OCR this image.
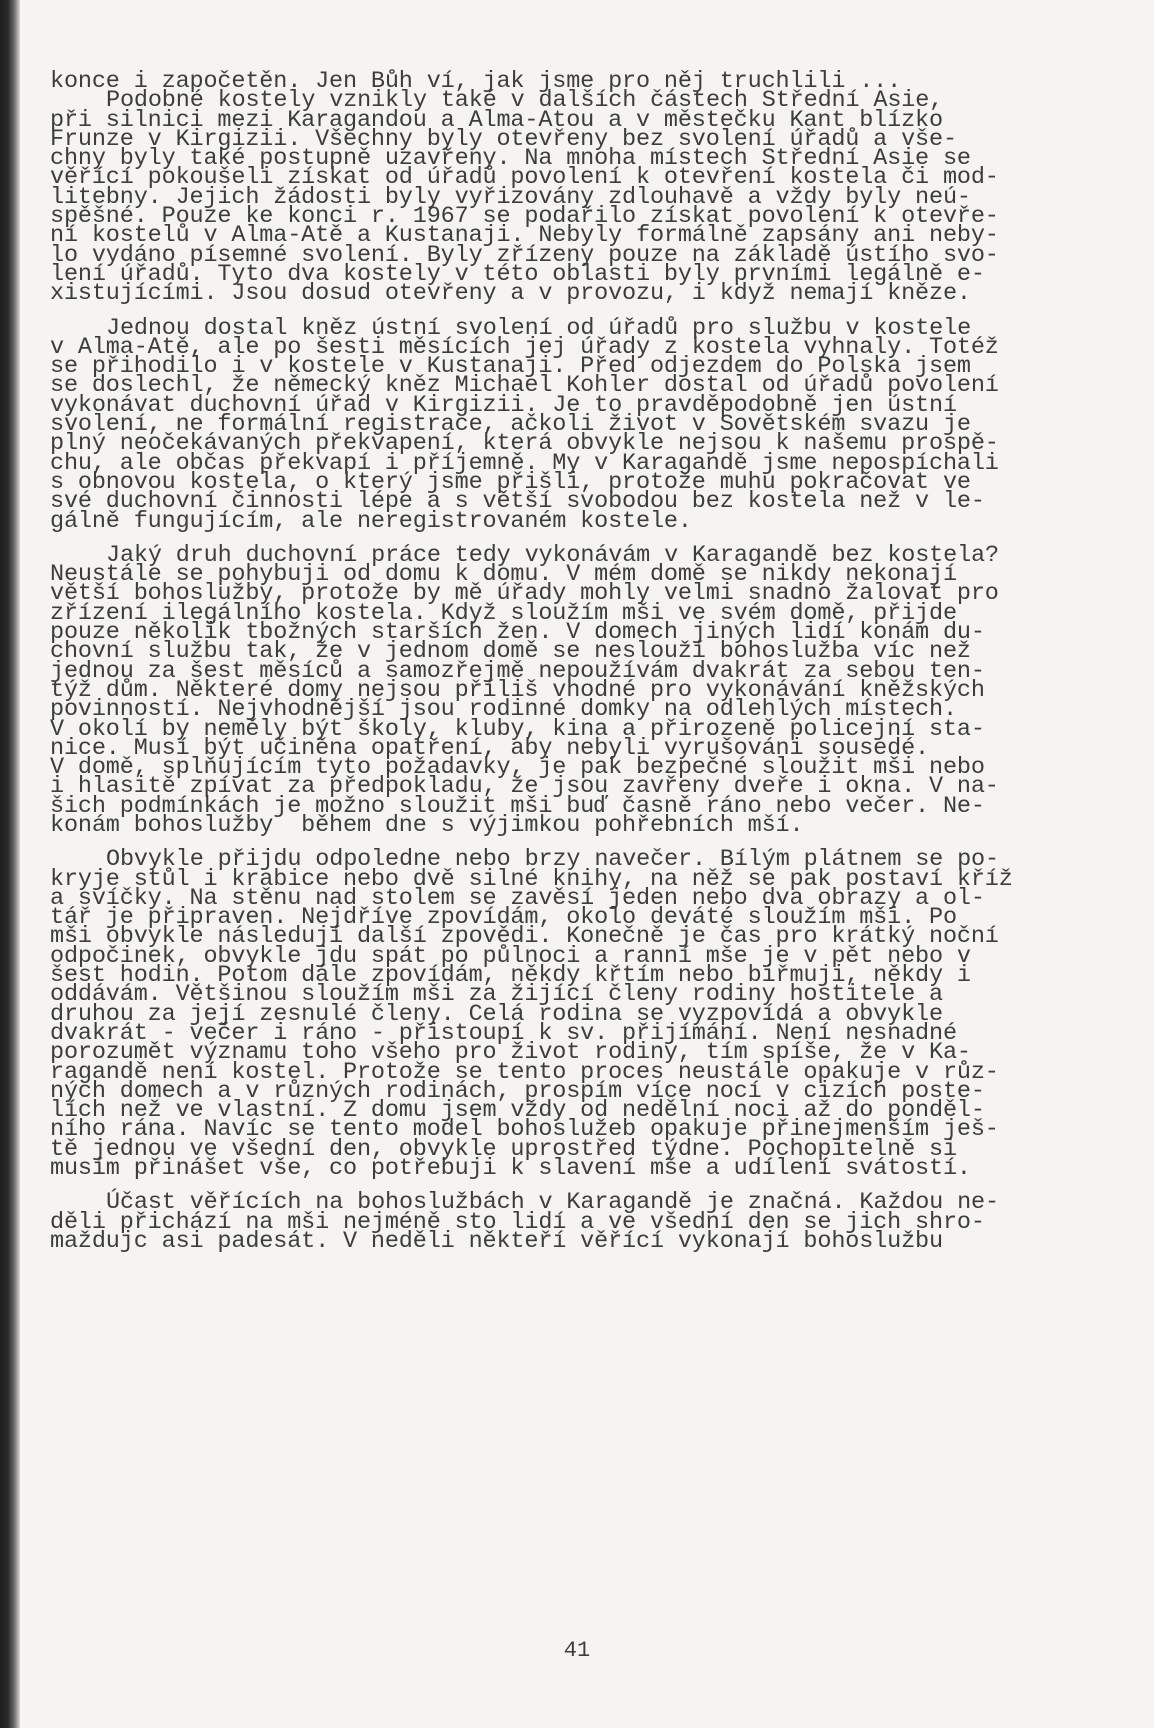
konce i započetěn. Jen Bůh ví, jak jsme pro něj truchlili ...
Podobné kostely vznikly také v dalších částech Střední Asie,
při silnici mezi Karagandou a Alma-Atou a v městečku Kant blízko
Frunze v Kirgizii. Všechny byly otevřeny bez svolení úřadů a vše-
chny byly také postupně uzavřeny. Na mnoha místech Střední Asie se
věřící pokoušeli získat od úřadů povolení k otevření kostela či mod-
litebny. Jejich žádosti byly vyřizovány zdlouhavě a vždy byly neú-
spěšné. Pouze ke konci r. 1967 se podařilo získat povolení k otevře-
ní kostelů v Alma-Atě a Kustanaji. Nebyly formálně zapsány ani neby-
lo vydáno písemné svolení. Byly zřízeny pouze na základě ústího svo-
lení úřadů. Tyto dva kostely v této oblasti byly prvními legálně e-
xistujícími. Jsou dosud otevřeny a v provozu, i když nemají kněze.
Jednou dostal kněz ústní svolení od úřadů pro službu v kostele
v Alma-Atě, ale po šesti měsících jej úřady z kostela vyhnaly. Totéž
se přihodilo i v kostele v Kustanaji. Před odjezdem do Polska jsem
se doslechl, že německý kněz Michael Kohler dostal od úřadů povolení
vykonávat duchovní úřad v Kirgizii. Je to pravděpodobně jen ústní
svolení, ne formální registrace, ačkoli život v Sovětském svazu je
plný neočekávaných překvapení, která obvykle nejsou k našemu prospě-
chu, ale občas překvapí i příjemně. My v Karagandě jsme nepospíchali
s obnovou kostela, o který jsme přišli, protože muhu pokračovat ve
své duchovní činnosti lépe a s větší svobodou bez kostela než v le-
gálně fungujícím, ale neregistrovaném kostele.
Jaký druh duchovní práce tedy vykonávám v Karagandě bez kostela?
Neustále se pohybuji od domu k domu. V mém domě se nikdy nekonají
větší bohoslužby, protože by mě úřady mohly velmi snadno žalovat pro
zřízení ilegálního kostela. Když sloužím mši ve svém domě, přijde
pouze několik tbožných starších žen. V domech jiných lidí konám du-
chovní službu tak, že v jednom domě se neslouží bohoslužba víc než
jednou za šest měsíců a samozřejmě nepoužívám dvakrát za sebou ten-
týž dům. Některé domy nejsou příliš vhodné pro vykonávání kněžských
povinností. Nejvhodnější jsou rodinné domky na odlehlých místech.
V okolí by neměly být školy, kluby, kina a přirozeně policejní sta-
nice. Musí být učiněna opatření, aby nebyli vyrušováni sousedé.
V domě, splňujícím tyto požadavky, je pak bezpečné sloužit mši nebo
i hlasitě zpívat za předpokladu, že jsou zavřeny dveře i okna. V na-
šich podmínkách je možno sloužit mši buď časně ráno nebo večer. Ne-
konám bohoslužby  během dne s výjimkou pohřebních mší.
Obvykle přijdu odpoledne nebo brzy navečer. Bílým plátnem se po-
kryje stůl i krabice nebo dvě silné knihy, na něž se pak postaví kříž
a svíčky. Na stěnu nad stolem se zavěsí jeden nebo dva obrazy a ol-
tář je připraven. Nejdříve zpovídám, okolo deváté sloužím mši. Po
mši obvykle následují další zpovědi. Konečně je čas pro krátký noční
odpočinek, obvykle jdu spát po půlnoci a ranní mše je v pět nebo v
šest hodin. Potom dále zpovídám, někdy křtím nebo biřmuji, někdy i
oddávám. Většinou sloužím mši za žijící členy rodiny hostitele a
druhou za její zesnulé členy. Celá rodina se vyzpovídá a obvykle
dvakrát - večer i ráno - přistoupí k sv. přijímání. Není nesnadné
porozumět významu toho všeho pro život rodiny, tím spíše, že v Ka-
ragandě není kostel. Protože se tento proces neustále opakuje v růz-
ných domech a v různých rodinách, prospím více nocí v cizích poste-
lích než ve vlastní. Z domu jsem vždy od nedělní noci až do ponděl-
ního rána. Navíc se tento model bohoslužeb opakuje přinejmenším ješ-
tě jednou ve všední den, obvykle uprostřed týdne. Pochopitelně si
musím přinášet vše, co potřebuji k slavení mše a udílení svátostí.
Účast věřících na bohoslužbách v Karagandě je značná. Každou ne-
děli přichází na mši nejméně sto lidí a ve všední den se jich shro-
maždujc asi padesát. V neděli někteří věřící vykonají bohoslužbu
41
